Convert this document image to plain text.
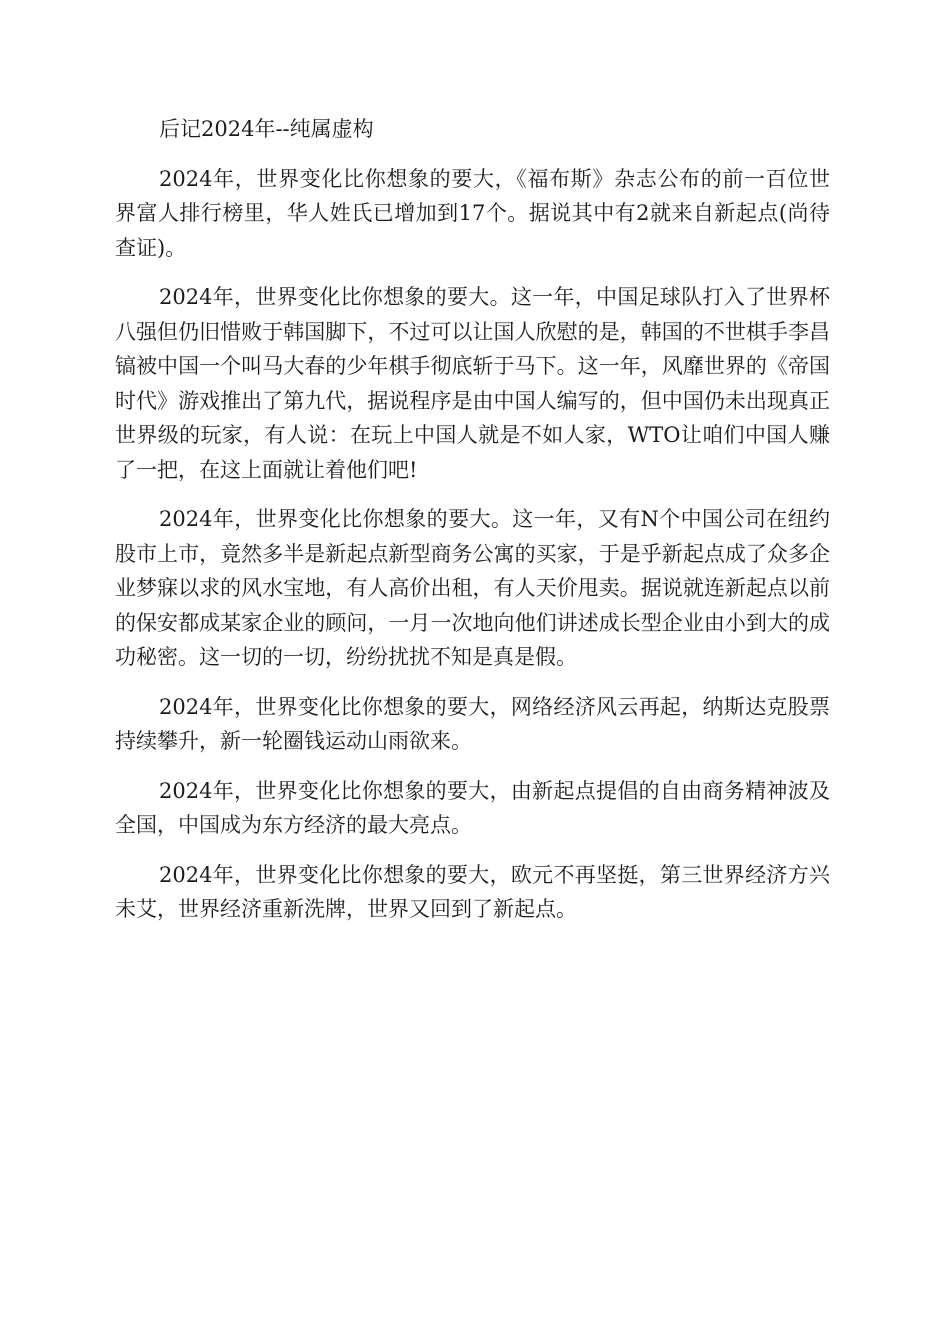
后记2024年--纯属虚构

2024年，世界变化比你想象的要大，《福布斯》杂志公布的前一百位世界富人排行榜里，华人姓氏已增加到17个。据说其中有2就来自新起点(尚待查证)。

2024年，世界变化比你想象的要大。这一年，中国足球队打入了世界杯八强但仍旧惜败于韩国脚下，不过可以让国人欣慰的是，韩国的不世棋手李昌镐被中国一个叫马大春的少年棋手彻底斩于马下。这一年，风靡世界的《帝国时代》游戏推出了第九代，据说程序是由中国人编写的，但中国仍未出现真正世界级的玩家，有人说：在玩上中国人就是不如人家，WTO让咱们中国人赚了一把，在这上面就让着他们吧!

2024年，世界变化比你想象的要大。这一年，又有N个中国公司在纽约股市上市，竟然多半是新起点新型商务公寓的买家，于是乎新起点成了众多企业梦寐以求的风水宝地，有人高价出租，有人天价甩卖。据说就连新起点以前的保安都成某家企业的顾问，一月一次地向他们讲述成长型企业由小到大的成功秘密。这一切的一切，纷纷扰扰不知是真是假。

2024年，世界变化比你想象的要大，网络经济风云再起，纳斯达克股票持续攀升，新一轮圈钱运动山雨欲来。

2024年，世界变化比你想象的要大，由新起点提倡的自由商务精神波及全国，中国成为东方经济的最大亮点。

2024年，世界变化比你想象的要大，欧元不再坚挺，第三世界经济方兴未艾，世界经济重新洗牌，世界又回到了新起点。
